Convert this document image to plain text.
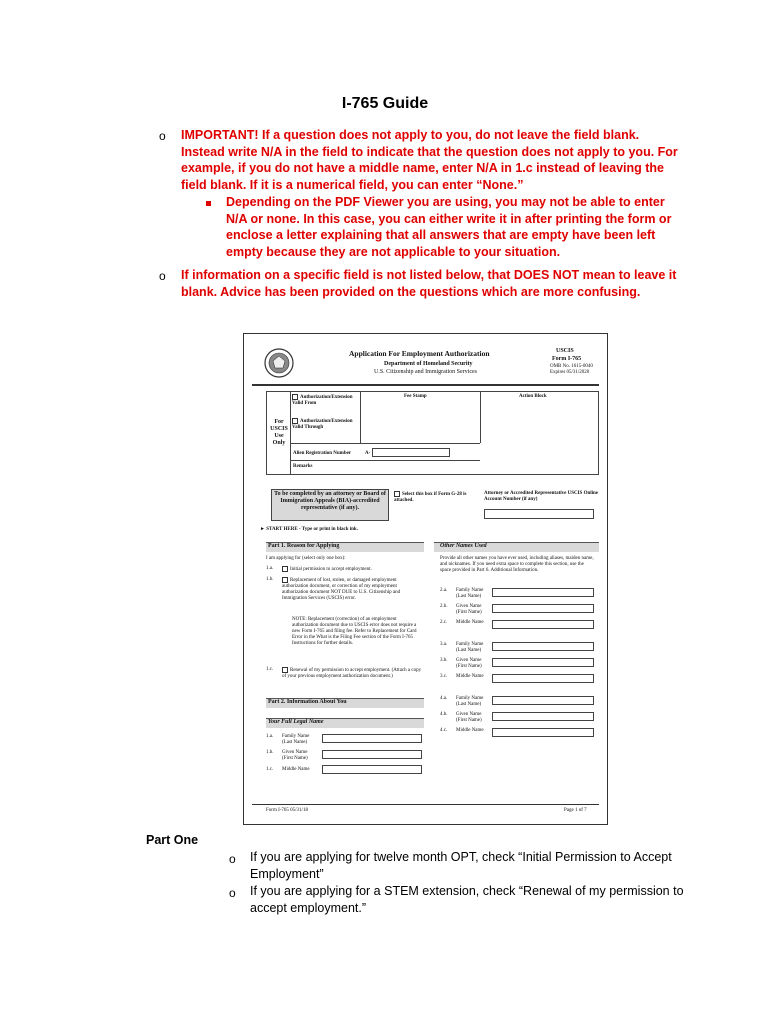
I-765 Guide
o IMPORTANT! If a question does not apply to you, do not leave the field blank. Instead write N/A in the field to indicate that the question does not apply to you. For example, if you do not have a middle name, enter N/A in 1.c instead of leaving the field blank. If it is a numerical field, you can enter “None.”
Depending on the PDF Viewer you are using, you may not be able to enter N/A or none. In this case, you can either write it in after printing the form or enclose a letter explaining that all answers that are empty have been left empty because they are not applicable to your situation.
o If information on a specific field is not listed below, that DOES NOT mean to leave it blank. Advice has been provided on the questions which are more confusing.
Application For Employment Authorization
Department of Homeland Security
U.S. Citizenship and Immigration Services
USCIS
Form I-765
OMB No. 1615-0040
Expires 05/31/2020
For USCIS Use Only
Authorization/Extension Valid From
Authorization/Extension Valid Through
Fee Stamp	Action Block
Alien Registration Number	A-
Remarks
To be completed by an attorney or Board of Immigration Appeals (BIA)-accredited representative (if any).
Select this box if Form G-28 is attached.
Attorney or Accredited Representative USCIS Online Account Number (if any)
► START HERE - Type or print in black ink.
Part 1. Reason for Applying
I am applying for (select only one box):
1.a.	Initial permission to accept employment.
1.b.	Replacement of lost, stolen, or damaged employment authorization document, or correction of my employment authorization document NOT DUE to U.S. Citizenship and Immigration Services (USCIS) error.
NOTE: Replacement (correction) of an employment authorization document due to USCIS error does not require a new Form I-765 and filing fee. Refer to Replacement for Card Error in the What is the Filing Fee section of the Form I-765 Instructions for further details.
1.c.	Renewal of my permission to accept employment. (Attach a copy of your previous employment authorization document.)
Part 2. Information About You
Your Full Legal Name
1.a. Family Name (Last Name)
1.b. Given Name (First Name)
1.c. Middle Name
Other Names Used
Provide all other names you have ever used, including aliases, maiden name, and nicknames. If you need extra space to complete this section, use the space provided in Part 6. Additional Information.
2.a. Family Name (Last Name)
2.b. Given Name (First Name)
2.c. Middle Name
3.a. Family Name (Last Name)
3.b. Given Name (First Name)
3.c. Middle Name
4.a. Family Name (Last Name)
4.b. Given Name (First Name)
4.c. Middle Name
Form I-765 05/31/18	Page 1 of 7
Part One
o If you are applying for twelve month OPT, check “Initial Permission to Accept Employment”
o If you are applying for a STEM extension, check “Renewal of my permission to accept employment.”
